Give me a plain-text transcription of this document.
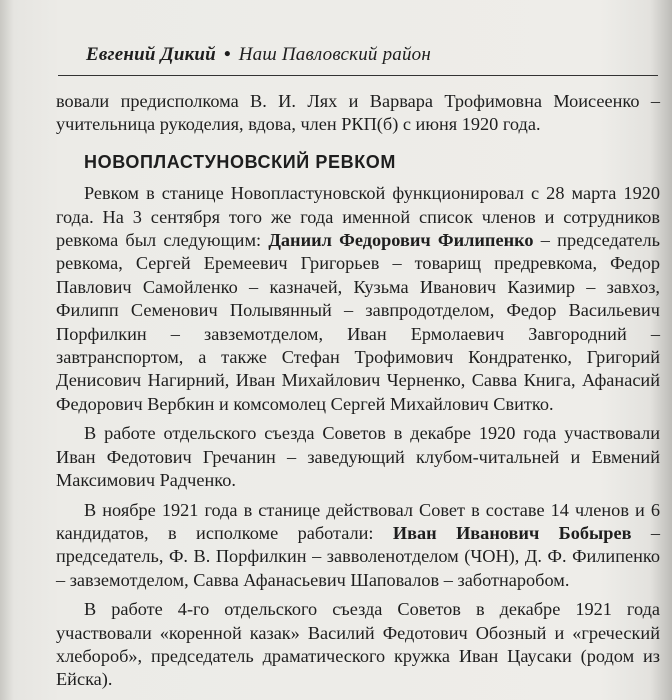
Евгений Дикий • Наш Павловский район

вовали предисполкома В. И. Лях и Варвара Трофимовна Моисеенко – учительница рукоделия, вдова, член РКП(б) с июня 1920 года.

НОВОПЛАСТУНОВСКИЙ РЕВКОМ

Ревком в станице Новопластуновской функционировал с 28 марта 1920 года. На 3 сентября того же года именной список членов и сотрудников ревкома был следующим: Даниил Федорович Филипенко – председатель ревкома, Сергей Еремеевич Григорьев – товарищ предревкома, Федор Павлович Самойленко – казначей, Кузьма Иванович Казимир – завхоз, Филипп Семенович Полывянный – завпродотделом, Федор Васильевич Порфилкин – завземотделом, Иван Ермолаевич Завгородний – завтранспортом, а также Стефан Трофимович Кондратенко, Григорий Денисович Нагирний, Иван Михайлович Черненко, Савва Книга, Афанасий Федорович Вербкин и комсомолец Сергей Михайлович Свитко.

В работе отдельского съезда Советов в декабре 1920 года участвовали Иван Федотович Гречанин – заведующий клубом-читальней и Евмений Максимович Радченко.

В ноябре 1921 года в станице действовал Совет в составе 14 членов и 6 кандидатов, в исполкоме работали: Иван Иванович Бобырев – председатель, Ф. В. Порфилкин – завволенотделом (ЧОН), Д. Ф. Филипенко – завземотделом, Савва Афанасьевич Шаповалов – заботнаробом.

В работе 4-го отдельского съезда Советов в декабре 1921 года участвовали «коренной казак» Василий Федотович Обозный и «греческий хлебороб», председатель драматического кружка Иван Цаусаки (родом из Ейска).
